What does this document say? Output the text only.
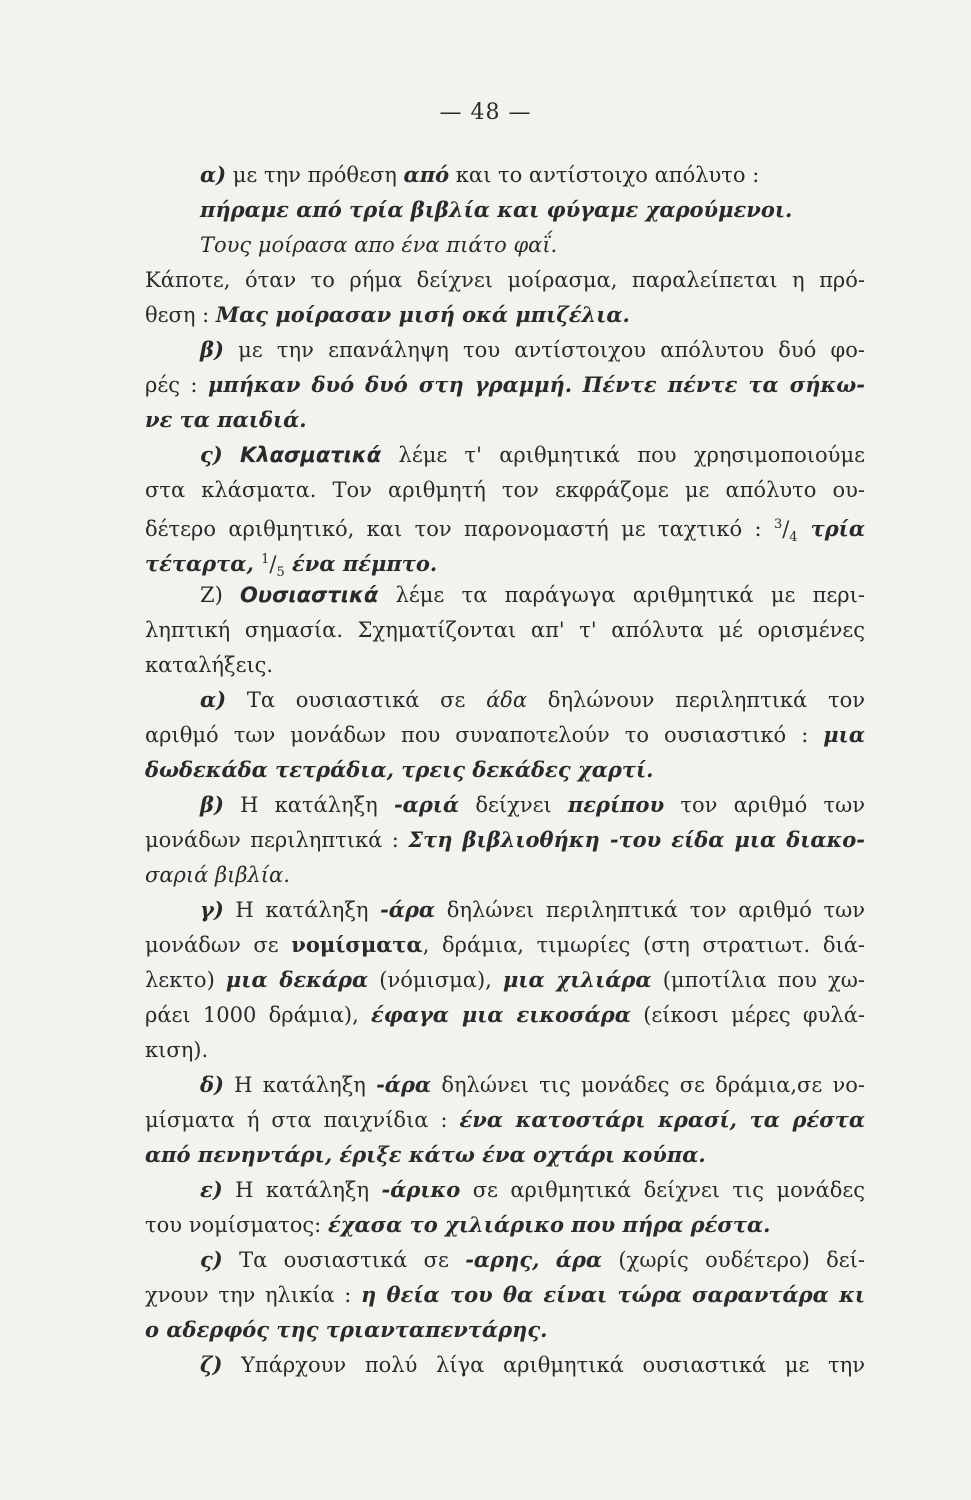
— 48 —
α) με την πρόθεση από και το αντίστοιχο απόλυτο :
πήραμε από τρία βιβλία και φύγαμε χαρούμενοι.
Τους μοίρασα απο ένα πιάτο φαΐ.
Κάποτε, όταν το ρήμα δείχνει μοίρασμα, παραλείπεται η πρό-
θεση : Μας μοίρασαν μισή οκά μπιζέλια.
β) με την επανάληψη του αντίστοιχου απόλυτου δυό φο-
ρές : μπήκαν δυό δυό στη γραμμή. Πέντε πέντε τα σήκω-
νε τα παιδιά.
ς) Κλασματικά λέμε τ' αριθμητικά που χρησιμοποιούμε
στα κλάσματα. Τον αριθμητή τον εκφράζομε με απόλυτο ου-
δέτερο αριθμητικό, και τον παρονομαστή με ταχτικό : $^3/_4$ τρία
τέταρτα, $^1/_5$ ένα πέμπτο.
Ζ) Ουσιαστικά λέμε τα παράγωγα αριθμητικά με περι-
ληπτική σημασία. Σχηματίζονται απ' τ' απόλυτα μέ ορισμένες
καταλήξεις.
α) Τα ουσιαστικά σε άδα δηλώνουν περιληπτικά τον
αριθμό των μονάδων που συναποτελούν το ουσιαστικό : μια
δωδεκάδα τετράδια, τρεις δεκάδες χαρτί.
β) Η κατάληξη -αριά δείχνει περίπου τον αριθμό των
μονάδων περιληπτικά : Στη βιβλιοθήκη -του είδα μια διακο-
σαριά βιβλία.
γ) Η κατάληξη -άρα δηλώνει περιληπτικά τον αριθμό των
μονάδων σε νομίσματα, δράμια, τιμωρίες (στη στρατιωτ. διά-
λεκτο) μια δεκάρα (νόμισμα), μια χιλιάρα (μποτίλια που χω-
ράει 1000 δράμια), έφαγα μια εικοσάρα (είκοσι μέρες φυλά-
κιση).
δ) Η κατάληξη -άρα δηλώνει τις μονάδες σε δράμια,σε νο-
μίσματα ή στα παιχνίδια : ένα κατοστάρι κρασί, τα ρέστα
από πενηντάρι, έριξε κάτω ένα οχτάρι κούπα.
ε) Η κατάληξη -άρικο σε αριθμητικά δείχνει τις μονάδες
του νομίσματος: έχασα το χιλιάρικο που πήρα ρέστα.
ς) Τα ουσιαστικά σε -αρης, άρα (χωρίς ουδέτερο) δεί-
χνουν την ηλικία : η θεία του θα είναι τώρα σαραντάρα κι
ο αδερφός της τριανταπεντάρης.
ζ) Υπάρχουν πολύ λίγα αριθμητικά ουσιαστικά με την
